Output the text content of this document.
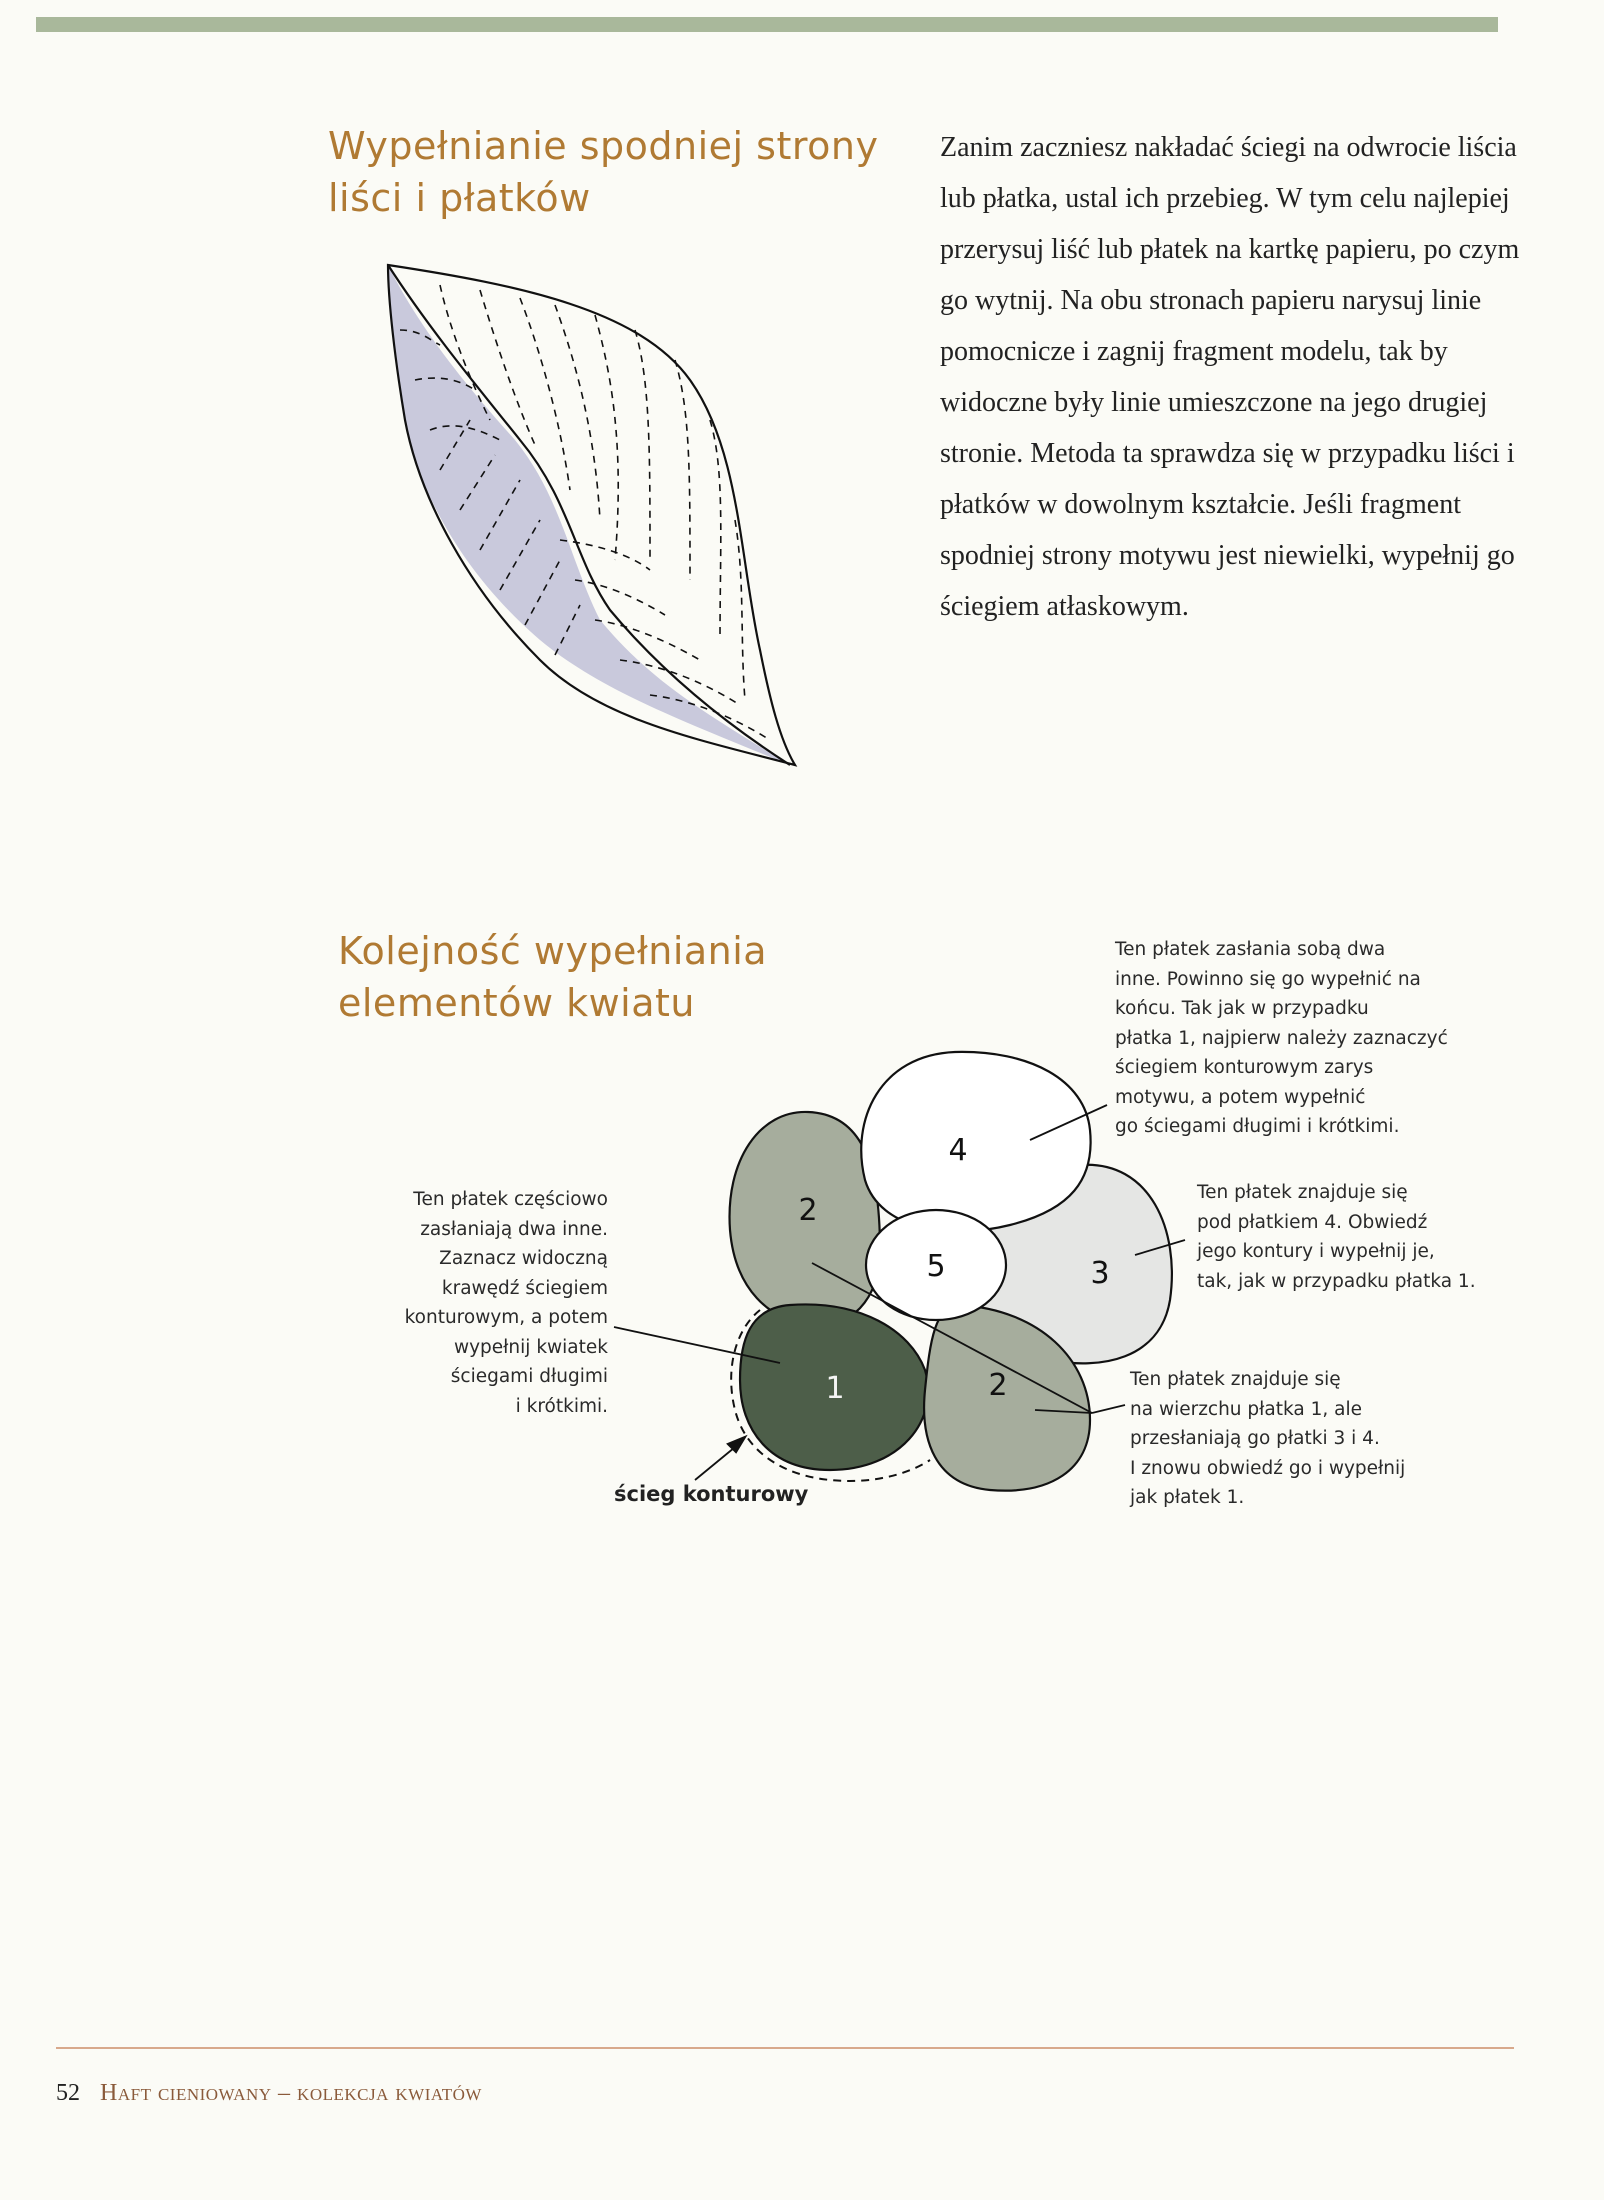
Wypełnianie spodniej strony
liści i płatków

Zanim zaczniesz nakładać ściegi na odwrocie liścia lub płatka, ustal ich przebieg. W tym celu najlepiej przerysuj liść lub płatek na kartkę papieru, po czym go wytnij. Na obu stronach papieru narysuj linie pomocnicze i zagnij fragment modelu, tak by widoczne były linie umieszczone na jego drugiej stronie. Metoda ta sprawdza się w przypadku liści i płatków w dowolnym kształcie. Jeśli fragment spodniej strony motywu jest niewielki, wypełnij go ściegiem atłaskowym.

1
2
2
3
4
5
Kolejność wypełniania
elementów kwiatu

Ten płatek zasłania sobą dwa
inne. Powinno się go wypełnić na
końcu. Tak jak w przypadku
płatka 1, najpierw należy zaznaczyć
ściegiem konturowym zarys
motywu, a potem wypełnić
go ściegami długimi i krótkimi.

Ten płatek częściowo
zasłaniają dwa inne.
Zaznacz widoczną
krawędź ściegiem
konturowym, a potem
wypełnij kwiatek
ściegami długimi
i krótkimi.

Ten płatek znajduje się
pod płatkiem 4. Obwiedź
jego kontury i wypełnij je,
tak, jak w przypadku płatka 1.

Ten płatek znajduje się
na wierzchu płatka 1, ale
przesłaniają go płatki 3 i 4.
I znowu obwiedź go i wypełnij
jak płatek 1.

ścieg konturowy
52 Haft cieniowany – kolekcja kwiatów
